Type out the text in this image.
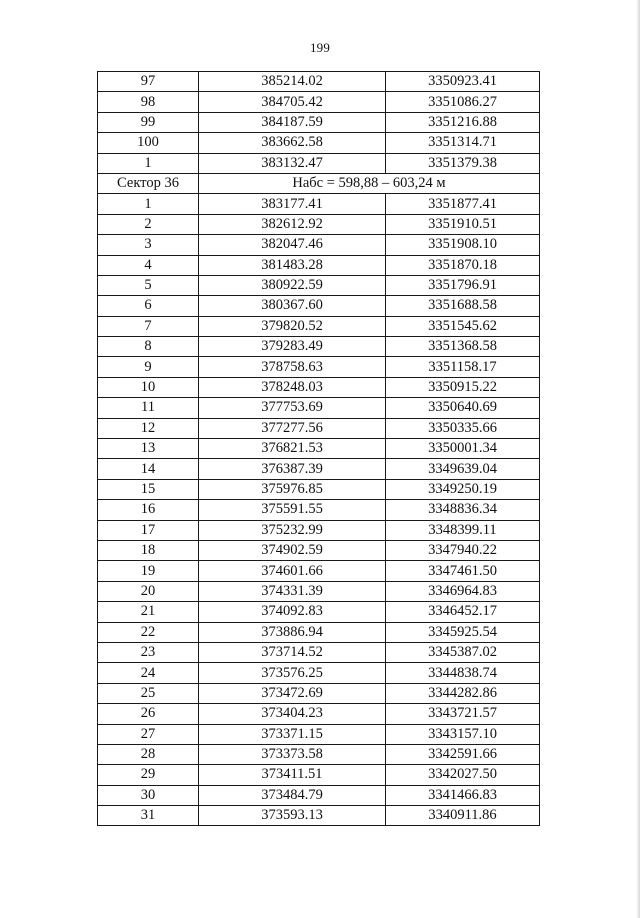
199
97	385214.02	3350923.41
98	384705.42	3351086.27
99	384187.59	3351216.88
100	383662.58	3351314.71
1	383132.47	3351379.38
Сектор 36	Набс = 598,88 – 603,24 м	
1	383177.41	3351877.41
2	382612.92	3351910.51
3	382047.46	3351908.10
4	381483.28	3351870.18
5	380922.59	3351796.91
6	380367.60	3351688.58
7	379820.52	3351545.62
8	379283.49	3351368.58
9	378758.63	3351158.17
10	378248.03	3350915.22
11	377753.69	3350640.69
12	377277.56	3350335.66
13	376821.53	3350001.34
14	376387.39	3349639.04
15	375976.85	3349250.19
16	375591.55	3348836.34
17	375232.99	3348399.11
18	374902.59	3347940.22
19	374601.66	3347461.50
20	374331.39	3346964.83
21	374092.83	3346452.17
22	373886.94	3345925.54
23	373714.52	3345387.02
24	373576.25	3344838.74
25	373472.69	3344282.86
26	373404.23	3343721.57
27	373371.15	3343157.10
28	373373.58	3342591.66
29	373411.51	3342027.50
30	373484.79	3341466.83
31	373593.13	3340911.86
